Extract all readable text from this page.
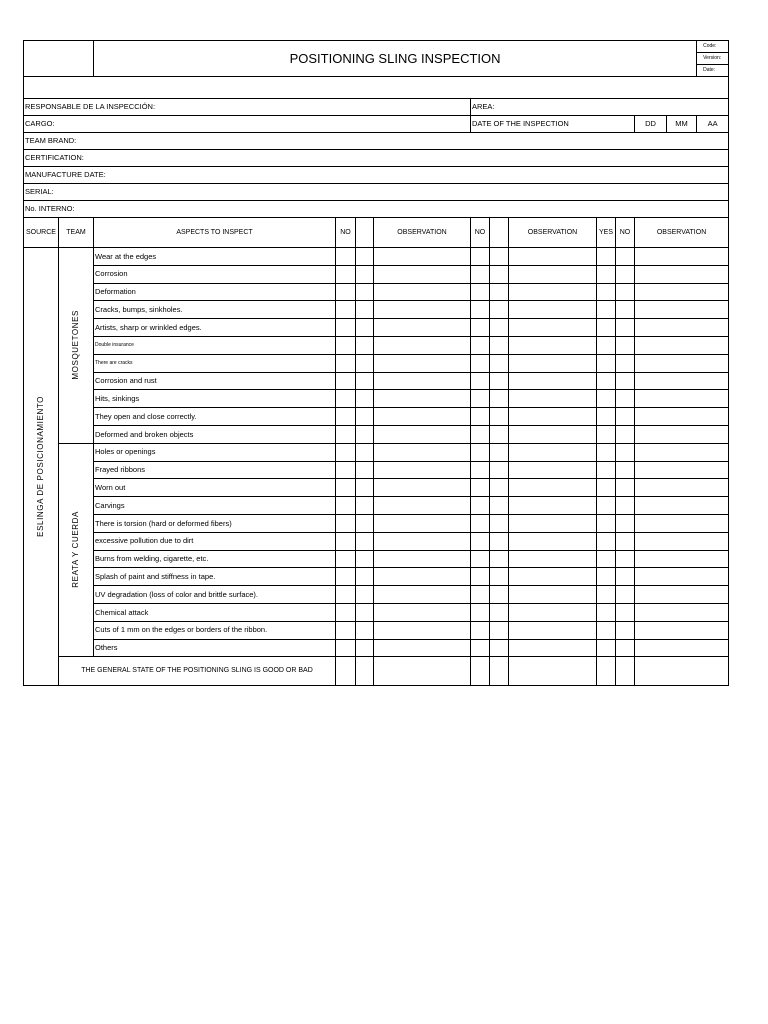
		POSITIONING SLING INSPECTION											Code:
													Version:
													Date:

RESPONSABLE DE LA INSPECCIÓN:						AREA:							
CARGO:						DATE OF THE INSPECTION					DD	MM	AA
TEAM BRAND:													
CERTIFICATION:													
MANUFACTURE DATE:													
SERIAL:													
No. INTERNO:													
SOURCE	TEAM	ASPECTS TO INSPECT	NO		OBSERVATION	NO		OBSERVATION	YES	NO	OBSERVATION		
ESLINGA DE POSICIONAMIENTO	MOSQUETONES	Wear at the edges											
		Corrosion											
		Deformation											
		Cracks, bumps, sinkholes.											
		Artists, sharp or wrinkled edges.											
		Double insurance											
		There are cracks											
		Corrosion and rust											
		Hits, sinkings											
		They open and close correctly.											
		Deformed and broken objects											
	REATA Y CUERDA	Holes or openings											
		Frayed ribbons											
		Worn out											
		Carvings											
		There is torsion (hard or deformed fibers)											
		excessive pollution due to dirt											
		Burns from welding, cigarette, etc.											
		Splash of paint and stiffness in tape.											
		UV degradation (loss of color and brittle surface).											
		Chemical attack											
		Cuts of 1 mm on the edges or borders of the ribbon.											
		Others											
	THE GENERAL STATE OF THE POSITIONING SLING IS GOOD OR BAD												
